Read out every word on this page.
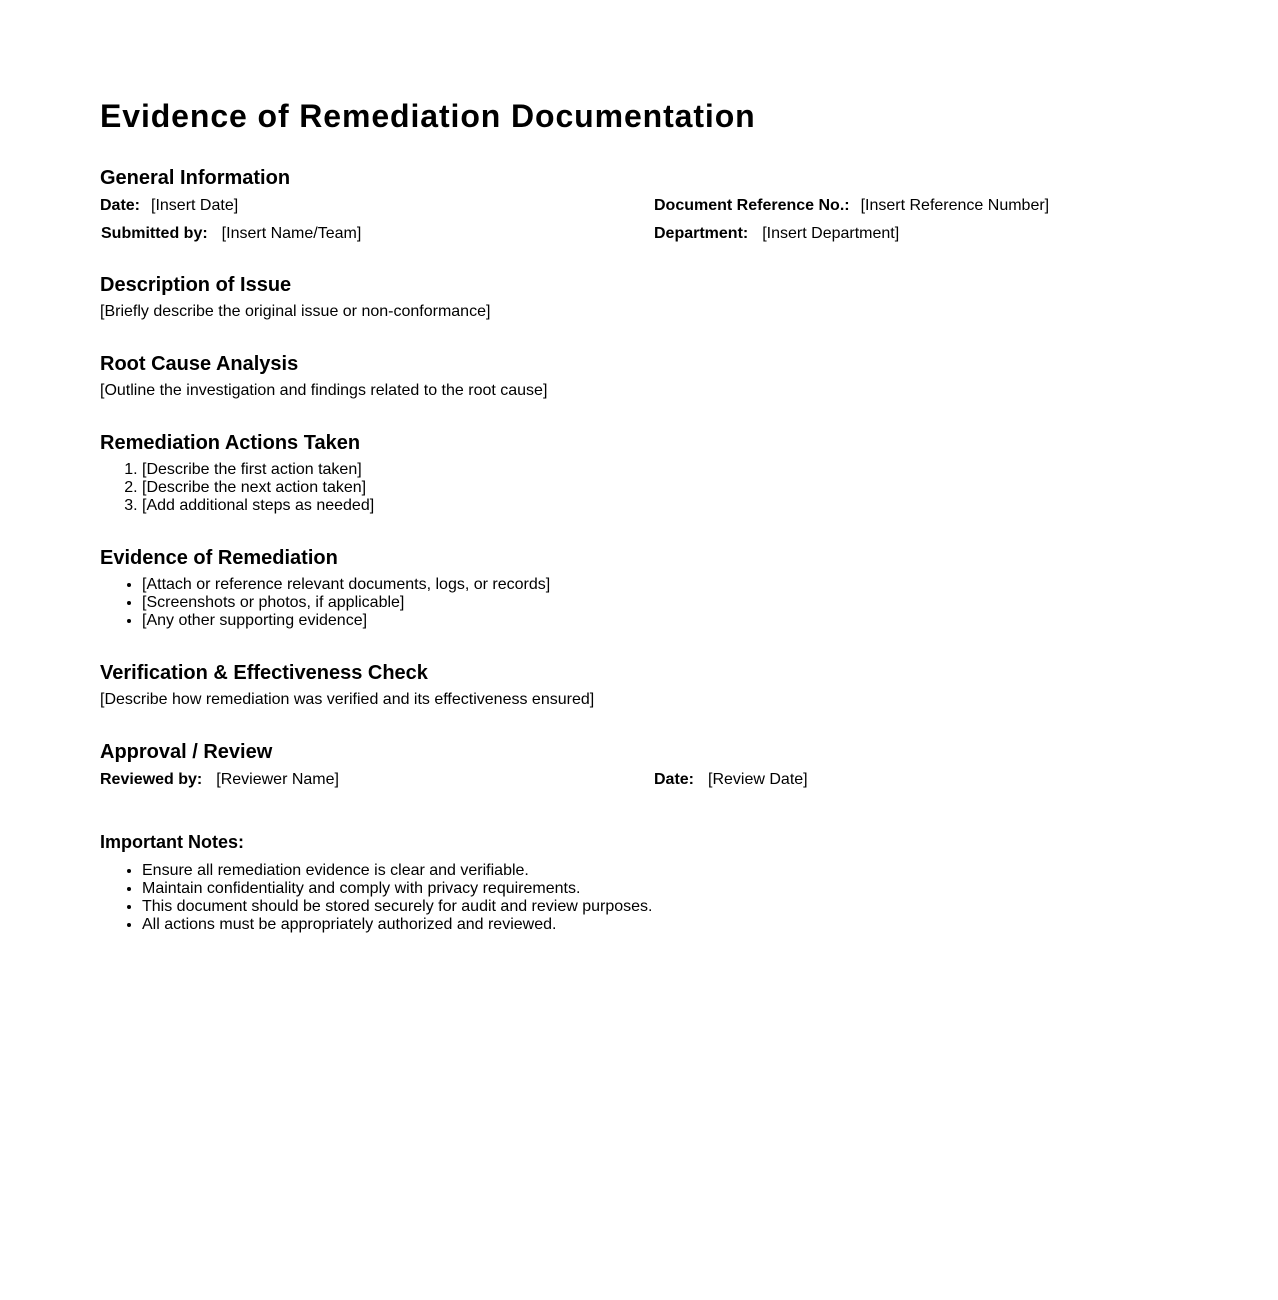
Evidence of Remediation Documentation
General Information
Date: [Insert Date]	Document Reference No.: [Insert Reference Number]
Submitted by: [Insert Name/Team]	Department: [Insert Department]
Description of Issue

[Briefly describe the original issue or non-conformance]

Root Cause Analysis

[Outline the investigation and findings related to the root cause]

Remediation Actions Taken
1. [Describe the first action taken]
2. [Describe the next action taken]
3. [Add additional steps as needed]
Evidence of Remediation
• [Attach or reference relevant documents, logs, or records]
• [Screenshots or photos, if applicable]
• [Any other supporting evidence]
Verification & Effectiveness Check

[Describe how remediation was verified and its effectiveness ensured]

Approval / Review
Reviewed by: [Reviewer Name]	Date: [Review Date]
Important Notes:
• Ensure all remediation evidence is clear and verifiable.
• Maintain confidentiality and comply with privacy requirements.
• This document should be stored securely for audit and review purposes.
• All actions must be appropriately authorized and reviewed.
